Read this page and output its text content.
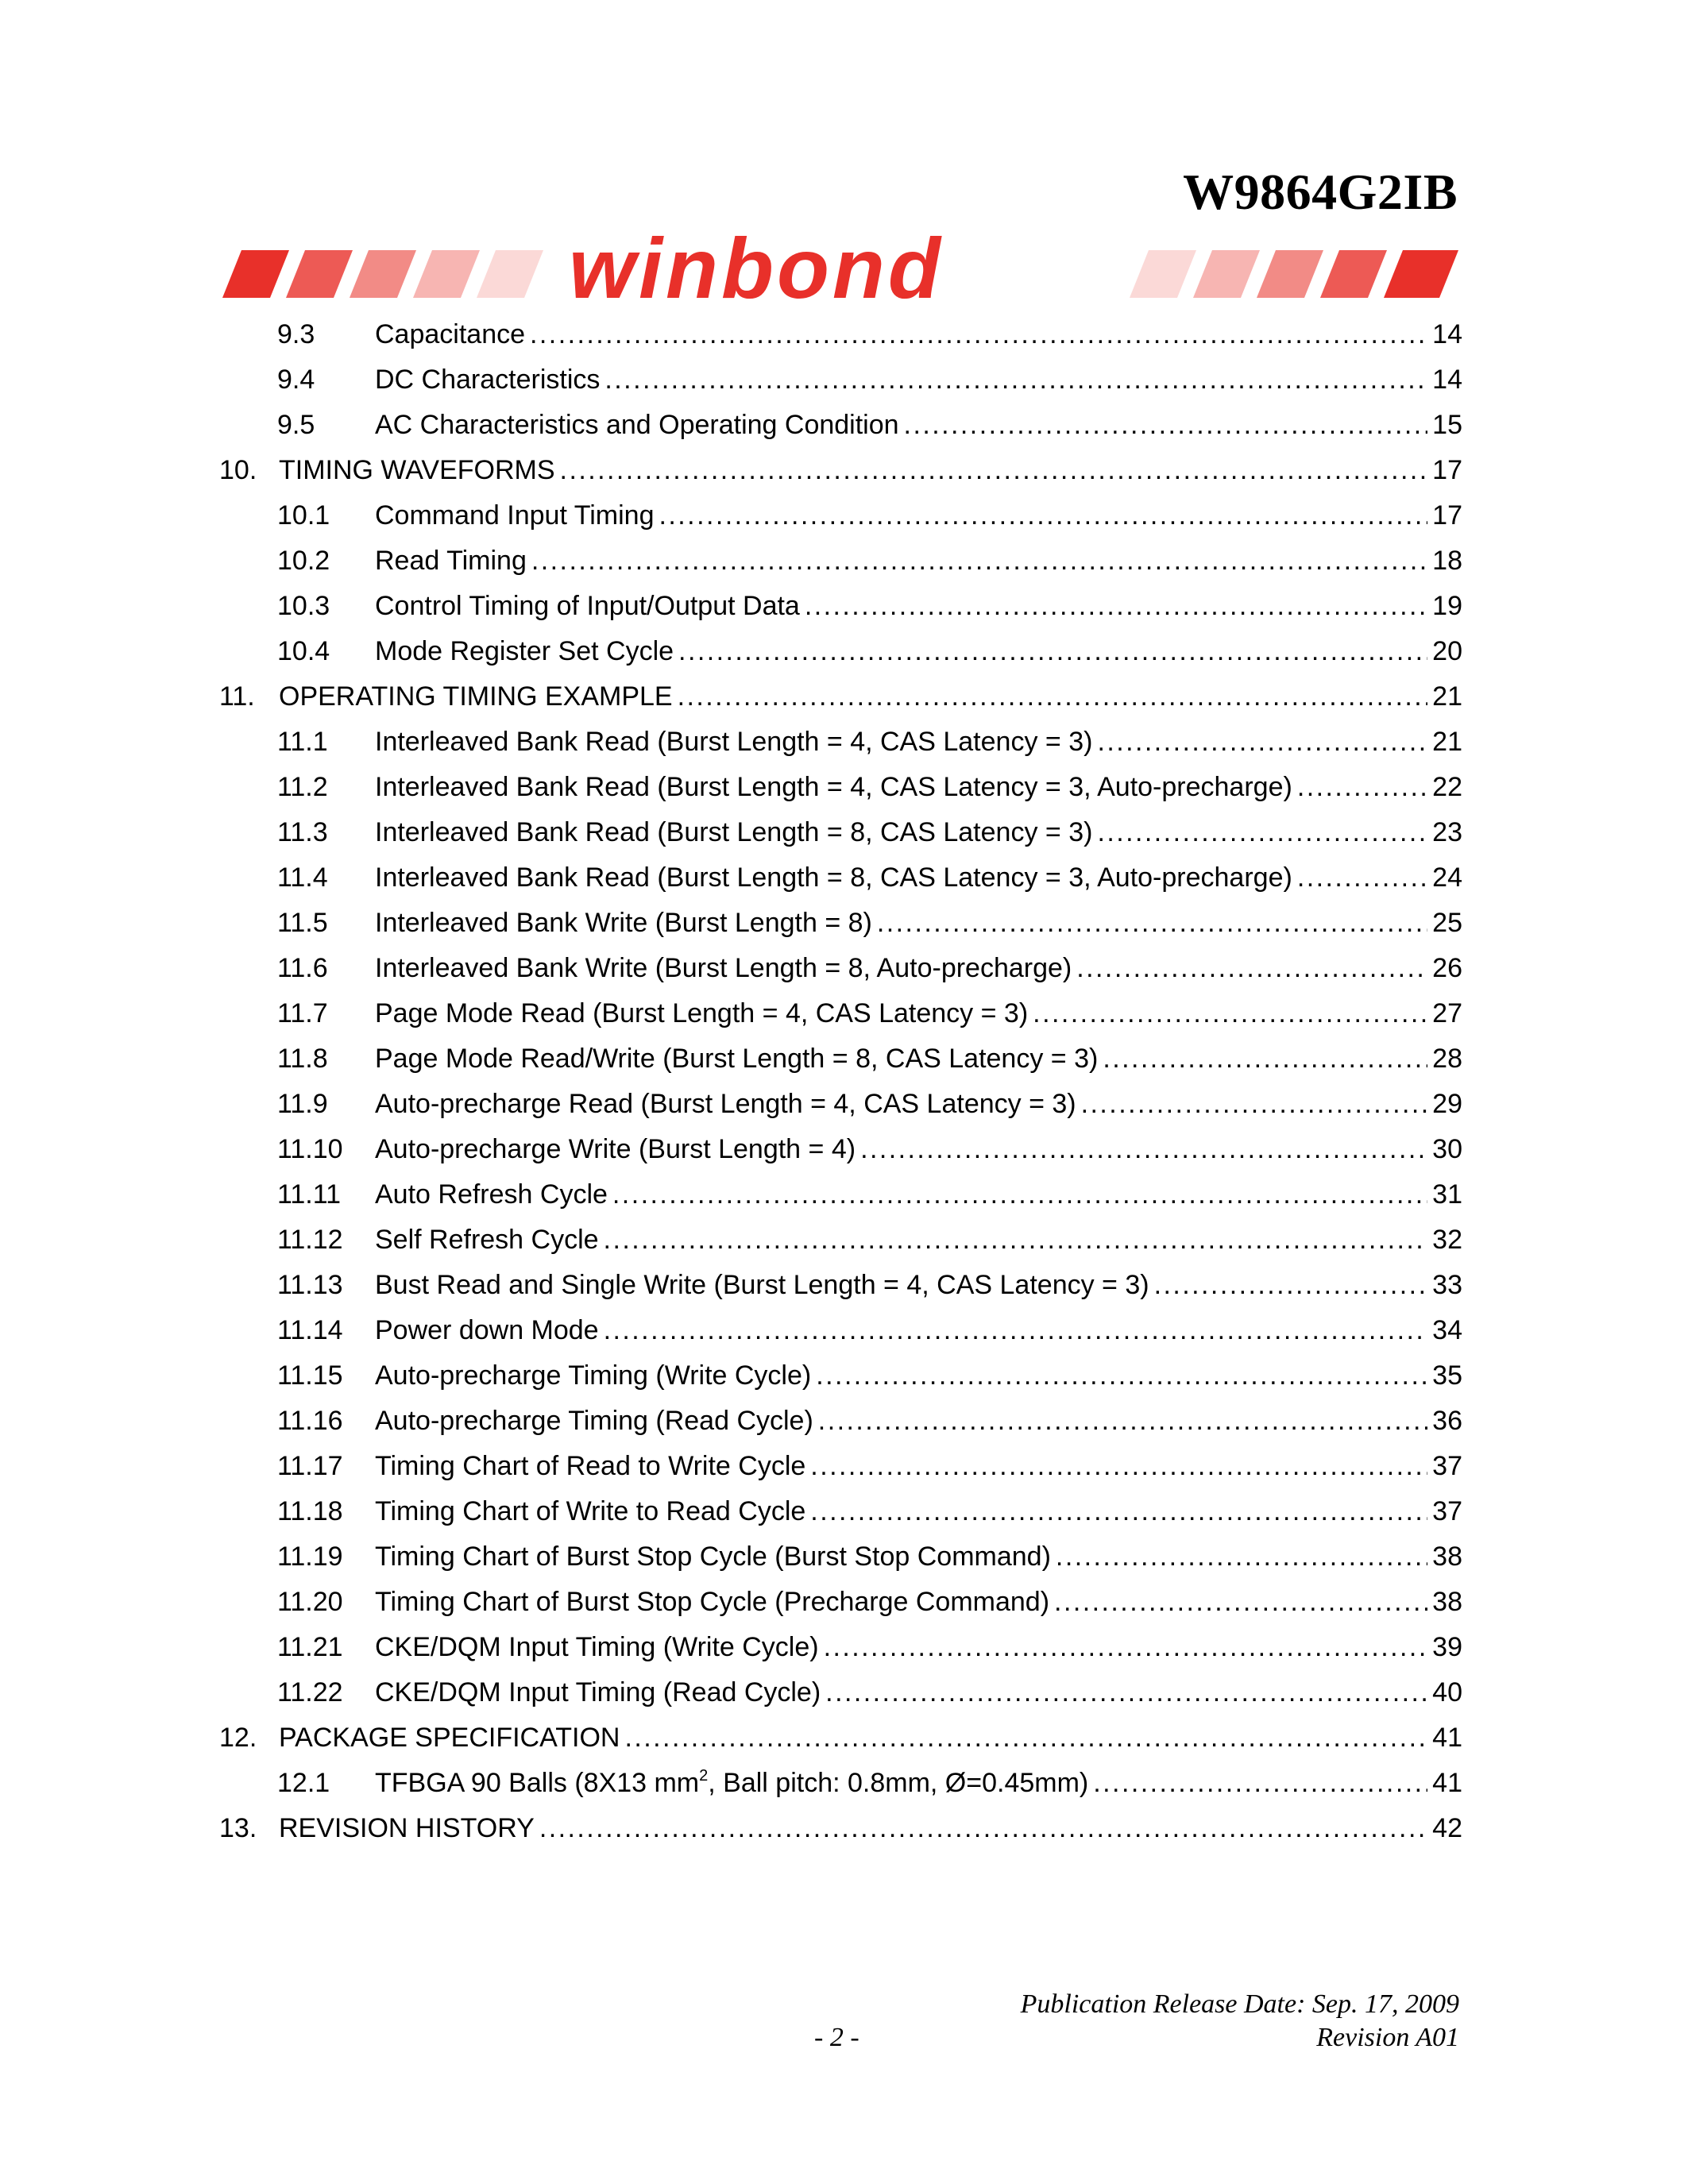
W9864G2IB
winbond
9.3	Capacitance . . .	14
9.4	DC Characteristics . . .	14
9.5	AC Characteristics and Operating Condition . . .	15
10. TIMING WAVEFORMS . . .	17
10.1	Command Input Timing . . .	17
10.2	Read Timing . . .	18
10.3	Control Timing of Input/Output Data . . .	19
10.4	Mode Register Set Cycle . . .	20
11. OPERATING TIMING EXAMPLE . . .	21
11.1	Interleaved Bank Read (Burst Length = 4, CAS Latency = 3) . . .	21
11.2	Interleaved Bank Read (Burst Length = 4, CAS Latency = 3, Auto-precharge) . . .	22
11.3	Interleaved Bank Read (Burst Length = 8, CAS Latency = 3) . . .	23
11.4	Interleaved Bank Read (Burst Length = 8, CAS Latency = 3, Auto-precharge) . . .	24
11.5	Interleaved Bank Write (Burst Length = 8) . . .	25
11.6	Interleaved Bank Write (Burst Length = 8, Auto-precharge) . . .	26
11.7	Page Mode Read (Burst Length = 4, CAS Latency = 3) . . .	27
11.8	Page Mode Read/Write (Burst Length = 8, CAS Latency = 3) . . .	28
11.9	Auto-precharge Read (Burst Length = 4, CAS Latency = 3) . . .	29
11.10	Auto-precharge Write (Burst Length = 4) . . .	30
11.11	Auto Refresh Cycle . . .	31
11.12	Self Refresh Cycle . . .	32
11.13	Bust Read and Single Write (Burst Length = 4, CAS Latency = 3) . . .	33
11.14	Power down Mode . . .	34
11.15	Auto-precharge Timing (Write Cycle) . . .	35
11.16	Auto-precharge Timing (Read Cycle) . . .	36
11.17	Timing Chart of Read to Write Cycle . . .	37
11.18	Timing Chart of Write to Read Cycle . . .	37
11.19	Timing Chart of Burst Stop Cycle (Burst Stop Command) . . .	38
11.20	Timing Chart of Burst Stop Cycle (Precharge Command) . . .	38
11.21	CKE/DQM Input Timing (Write Cycle) . . .	39
11.22	CKE/DQM Input Timing (Read Cycle) . . .	40
12. PACKAGE SPECIFICATION . . .	41
12.1	TFBGA 90 Balls (8X13 $mm^2$, Ball pitch: 0.8mm, Ø=0.45mm) . . .	41
13. REVISION HISTORY . . .	42
Publication Release Date: Sep. 17, 2009
- 2 -	Revision A01
